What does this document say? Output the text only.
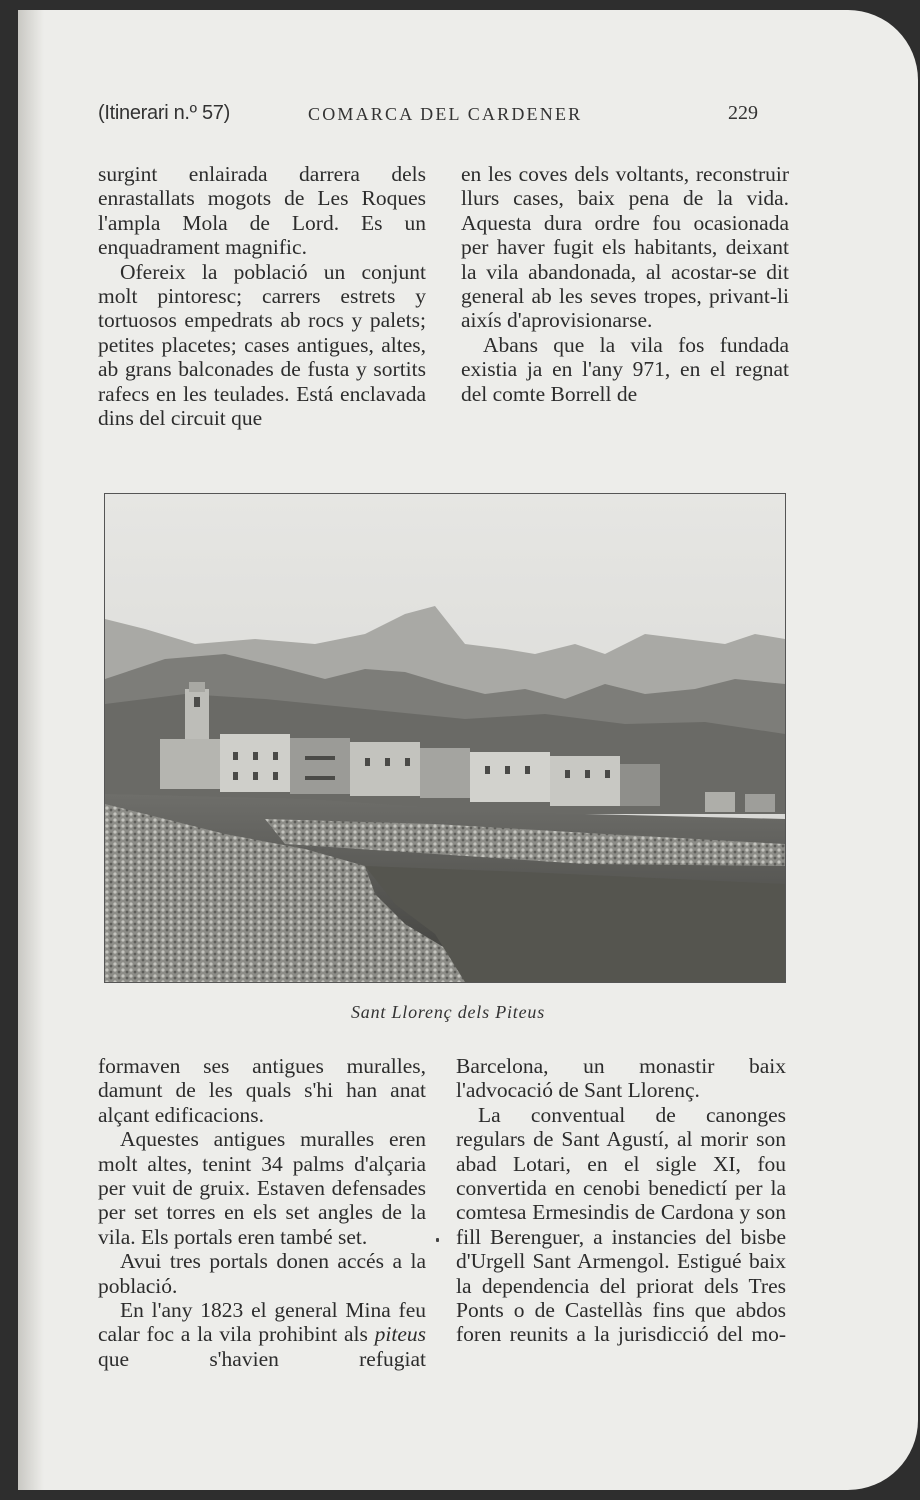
(Itinerari n.º 57)	COMARCA DEL CARDENER	229

surgint enlairada darrera dels enrastallats mogots de Les Roques l'ampla Mola de Lord. Es un enquadrament magnific.

Ofereix la població un conjunt molt pintoresc; carrers estrets y tortuosos empedrats ab rocs y palets; petites placetes; cases antigues, altes, ab grans balconades de fusta y sortits rafecs en les teulades. Está enclavada dins del circuit que

en les coves dels voltants, reconstruir llurs cases, baix pena de la vida. Aquesta dura ordre fou ocasionada per haver fugit els habitants, deixant la vila abandonada, al acostar-se dit general ab les seves tropes, privant-li aixís d'aprovisionarse.

Abans que la vila fos fundada existia ja en l'any 971, en el regnat del comte Borrell de

Sant Llorenç dels Piteus

formaven ses antigues muralles, damunt de les quals s'hi han anat alçant edificacions.

Aquestes antigues muralles eren molt altes, tenint 34 palms d'alçaria per vuit de gruix. Estaven defensades per set torres en els set angles de la vila. Els portals eren també set.

Avui tres portals donen accés a la població.

En l'any 1823 el general Mina feu calar foc a la vila prohibint als piteus que s'havien refugiat

Barcelona, un monastir baix l'advocació de Sant Llorenç.

La conventual de canonges regulars de Sant Agustí, al morir son abad Lotari, en el sigle XI, fou convertida en cenobi benedictí per la comtesa Ermesindis de Cardona y son fill Berenguer, a instancies del bisbe d'Urgell Sant Armengol. Estigué baix la dependencia del priorat dels Tres Ponts o de Castellàs fins que abdos foren reunits a la jurisdicció del mo-
